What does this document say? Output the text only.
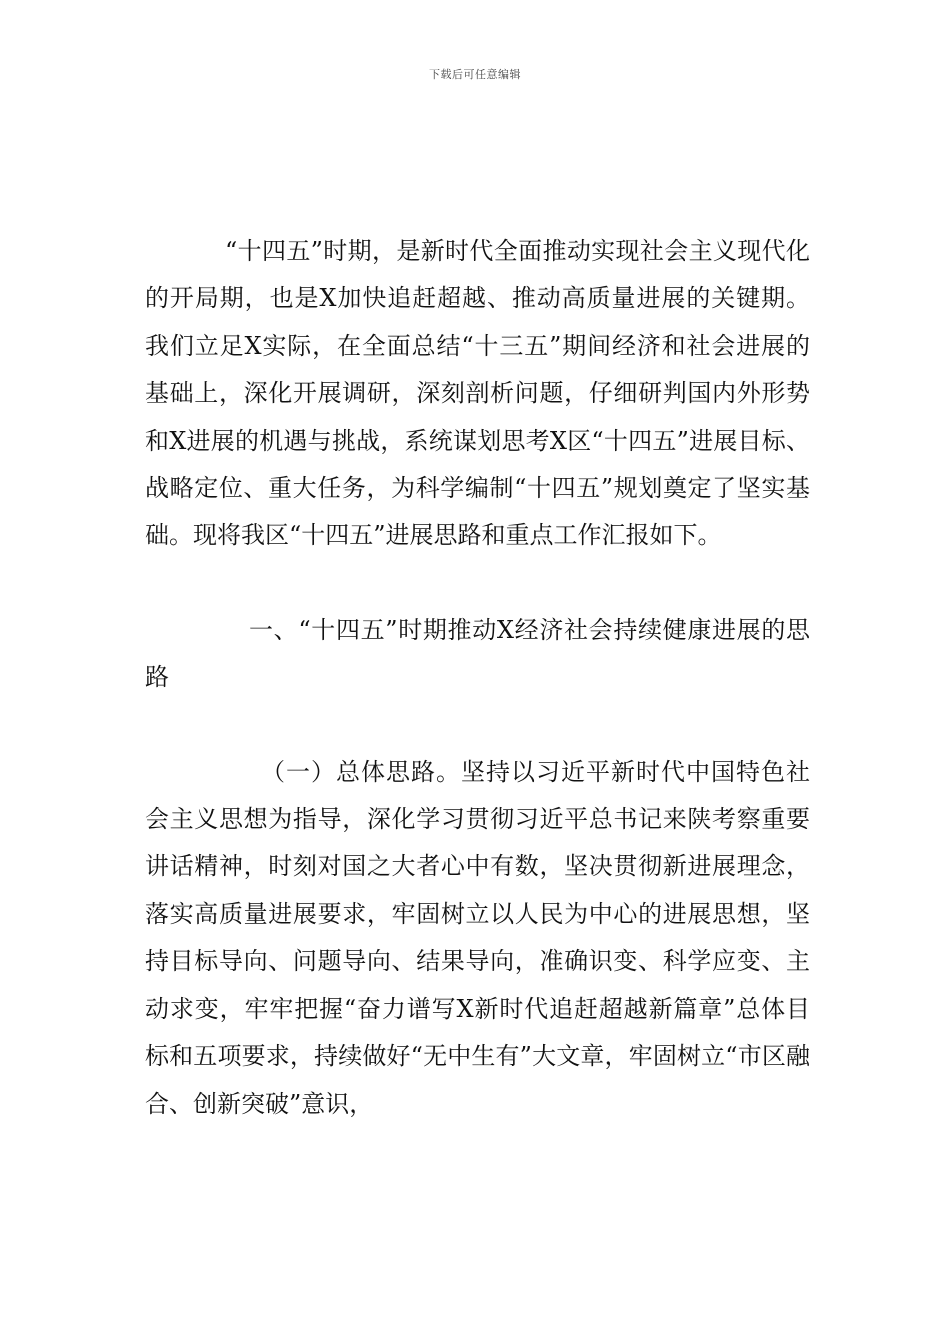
下载后可任意编辑

“十四五”时期，是新时代全面推动实现社会主义现代化的开局期，也是X加快追赶超越、推动高质量进展的关键期。我们立足X实际，在全面总结“十三五”期间经济和社会进展的基础上，深化开展调研，深刻剖析问题，仔细研判国内外形势和X进展的机遇与挑战，系统谋划思考X区“十四五”进展目标、战略定位、重大任务，为科学编制“十四五”规划奠定了坚实基础。现将我区“十四五”进展思路和重点工作汇报如下。

一、“十四五”时期推动X经济社会持续健康进展的思路

（一）总体思路。坚持以习近平新时代中国特色社会主义思想为指导，深化学习贯彻习近平总书记来陕考察重要讲话精神，时刻对国之大者心中有数，坚决贯彻新进展理念，落实高质量进展要求，牢固树立以人民为中心的进展思想，坚持目标导向、问题导向、结果导向，准确识变、科学应变、主动求变，牢牢把握“奋力谱写X新时代追赶超越新篇章”总体目标和五项要求，持续做好“无中生有”大文章，牢固树立“市区融合、创新突破”意识，
